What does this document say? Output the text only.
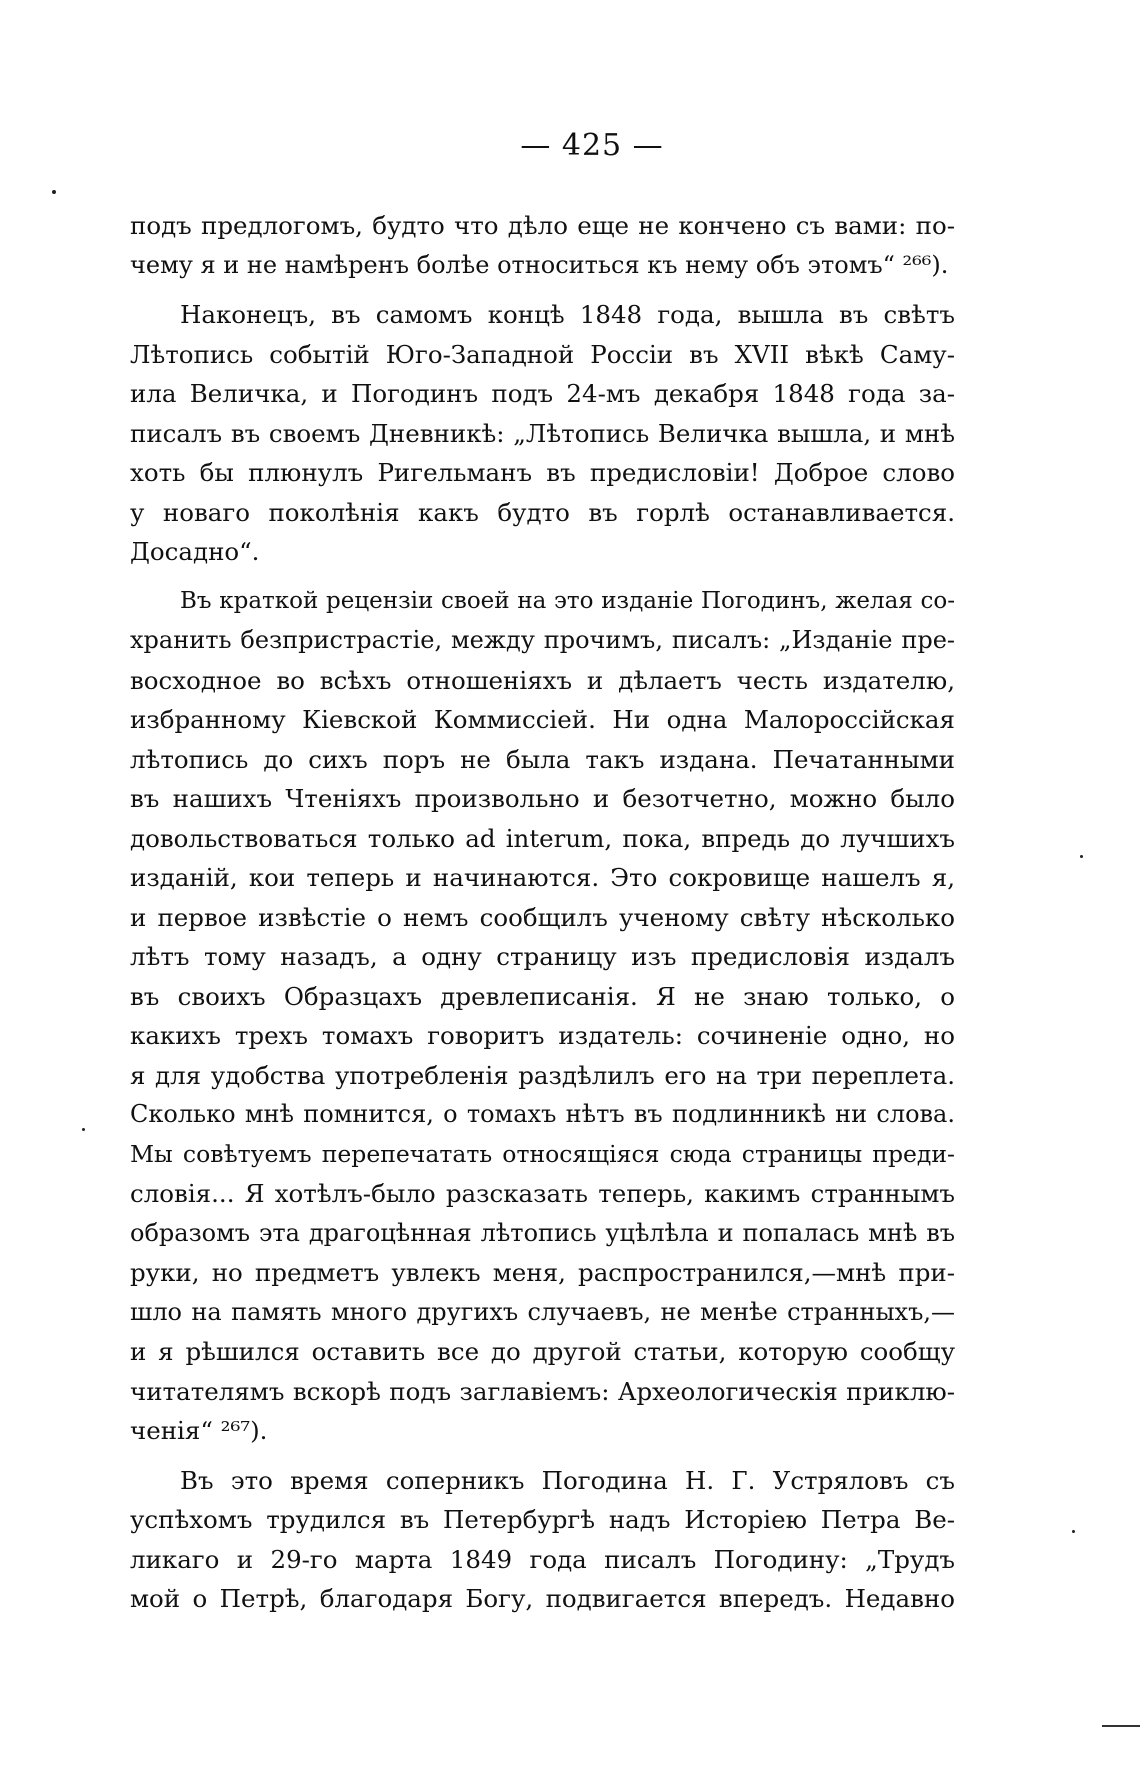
— 425 —
подъ предлогомъ, будто что дѣло еще не кончено съ вами: по-
чему я и не намѣренъ болѣе относиться къ нему объ этомъ“ ²⁶⁶).
Наконецъ, въ самомъ концѣ 1848 года, вышла въ свѣтъ
Лѣтопись событій Юго-Западной Россіи въ XVII вѣкѣ Саму-
ила Величка, и Погодинъ подъ 24-мъ декабря 1848 года за-
писалъ въ своемъ Дневникѣ: „Лѣтопись Величка вышла, и мнѣ
хоть бы плюнулъ Ригельманъ въ предисловіи! Доброе слово
у новаго поколѣнія какъ будто въ горлѣ останавливается.
Досадно“.
Въ краткой рецензіи своей на это изданіе Погодинъ, желая со-
хранить безпристрастіе, между прочимъ, писалъ: „Изданіе пре-
восходное во всѣхъ отношеніяхъ и дѣлаетъ честь издателю,
избранному Кіевской Коммиссіей. Ни одна Малороссійская
лѣтопись до сихъ поръ не была такъ издана. Печатанными
въ нашихъ Чтеніяхъ произвольно и безотчетно, можно было
довольствоваться только ad interum, пока, впредь до лучшихъ
изданій, кои теперь и начинаются. Это сокровище нашелъ я,
и первое извѣстіе о немъ сообщилъ ученому свѣту нѣсколько
лѣтъ тому назадъ, а одну страницу изъ предисловія издалъ
въ своихъ Образцахъ древлеписанія. Я не знаю только, о
какихъ трехъ томахъ говоритъ издатель: сочиненіе одно, но
я для удобства употребленія раздѣлилъ его на три переплета.
Сколько мнѣ помнится, о томахъ нѣтъ въ подлинникѣ ни слова.
Мы совѣтуемъ перепечатать относящіяся сюда страницы преди-
словія... Я хотѣлъ-было разсказать теперь, какимъ страннымъ
образомъ эта драгоцѣнная лѣтопись уцѣлѣла и попалась мнѣ въ
руки, но предметъ увлекъ меня, распространился,—мнѣ при-
шло на память много другихъ случаевъ, не менѣе странныхъ,—
и я рѣшился оставить все до другой статьи, которую сообщу
читателямъ вскорѣ подъ заглавіемъ: Археологическія приклю-
ченія“ ²⁶⁷).
Въ это время соперникъ Погодина Н. Г. Устряловъ съ
успѣхомъ трудился въ Петербургѣ надъ Исторіею Петра Ве-
ликаго и 29-го марта 1849 года писалъ Погодину: „Трудъ
мой о Петрѣ, благодаря Богу, подвигается впередъ. Недавно
